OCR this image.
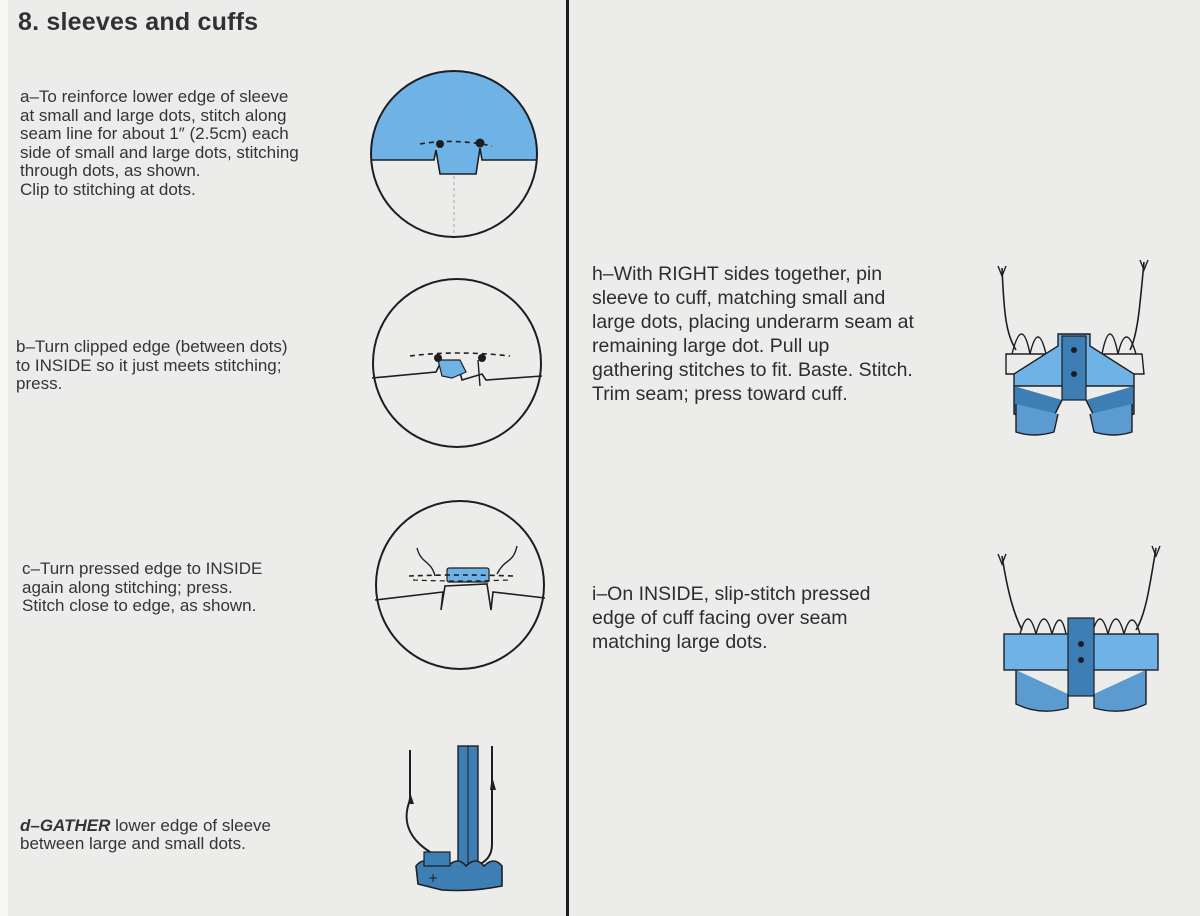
8. sleeves and cuffs
a–To reinforce lower edge of sleeve
at small and large dots, stitch along
seam line for about 1″ (2.5cm) each
side of small and large dots, stitching
through dots, as shown.
Clip to stitching at dots.
b–Turn clipped edge (between dots)
to INSIDE so it just meets stitching;
press.
c–Turn pressed edge to INSIDE
again along stitching; press.
Stitch close to edge, as shown.

d–GATHER lower edge of sleeve
between large and small dots.

+
h–With RIGHT sides together, pin
sleeve to cuff, matching small and
large dots, placing underarm seam at
remaining large dot. Pull up
gathering stitches to fit. Baste. Stitch.
Trim seam; press toward cuff.
i–On INSIDE, slip-stitch pressed
edge of cuff facing over seam
matching large dots.
